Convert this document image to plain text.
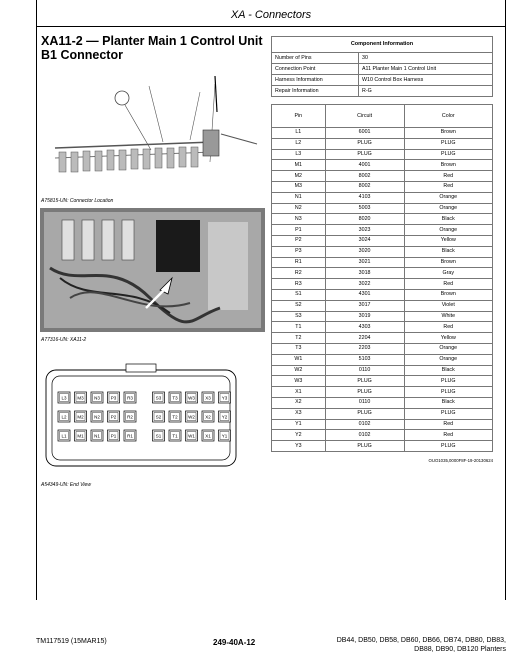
XA - Connectors
XA11-2 — Planter Main 1 Control Unit B1 Connector
A75815-UN: Connector Location
A77316-UN: XA11-2
L3 M3 N3 P3 R3	S3 T3 W3 X3 Y3
L2 M2 N2 P2 R2	S2 T2 W2 X2 Y2
L1 M1 N1 P1 R1	S1 T1 W1 X1 Y1
A54349-UN: End View
Component Information	
Number of Pins	30
Connection Point	A11 Planter Main 1 Control Unit
Harness Information	W10 Control Box Harness
Repair Information	R-G
Pin	Circuit	Color
L1	6001	Brown
L2	PLUG	PLUG
L3	PLUG	PLUG
M1	4001	Brown
M2	8002	Red
M3	8002	Red
N1	4103	Orange
N2	5003	Orange
N3	8020	Black
P1	3023	Orange
P2	3024	Yellow
P3	3020	Black
R1	3021	Brown
R2	3018	Gray
R3	3022	Red
S1	4301	Brown
S2	3017	Violet
S3	3019	White
T1	4303	Red
T2	2204	Yellow
T3	2203	Orange
W1	5103	Orange
W2	0110	Black
W3	PLUG	PLUG
X1	PLUG	PLUG
X2	0110	Black
X3	PLUG	PLUG
Y1	0102	Red
Y2	0102	Red
Y3	PLUG	PLUG
OUO1035,0000F8F-19-20130624
TM117519 (15MAR15)	249-40A-12	DB44, DB50, DB58, DB60, DB66, DB74, DB80, DB83,
DB88, DB90, DB120 Planters
